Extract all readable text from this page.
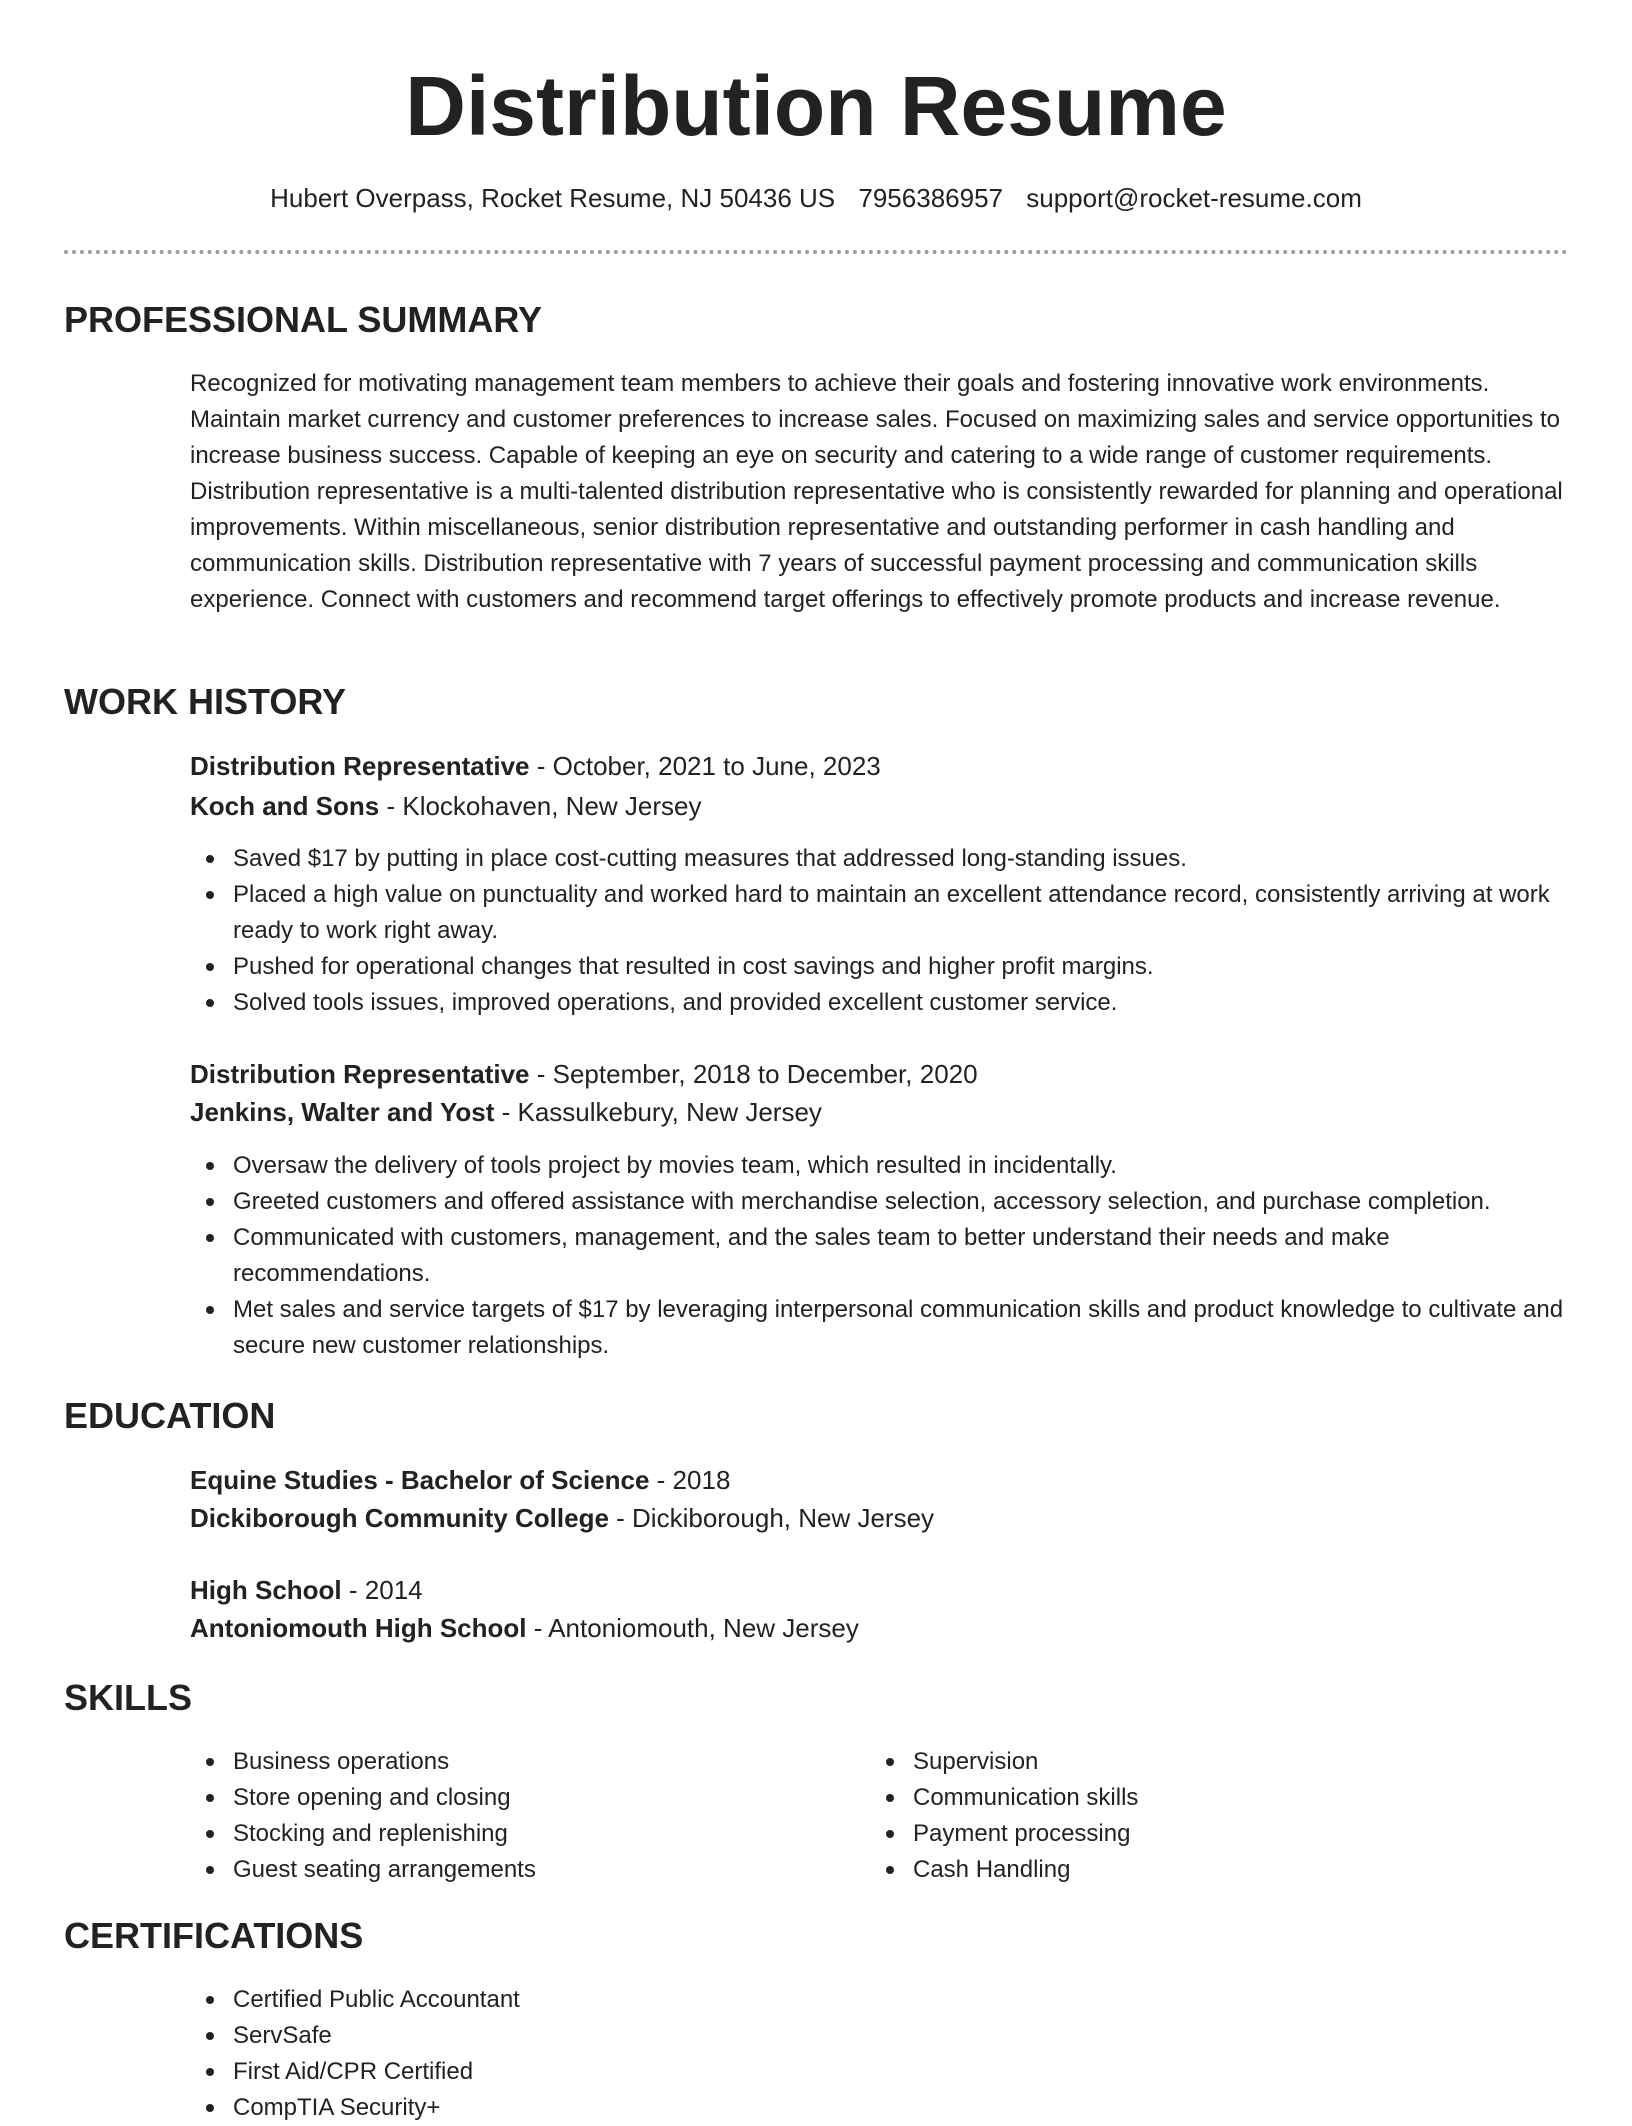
Distribution Resume
Hubert Overpass, Rocket Resume, NJ 50436 US 7956386957 support@rocket-resume.com
PROFESSIONAL SUMMARY

Recognized for motivating management team members to achieve their goals and fostering innovative work environments. Maintain market currency and customer preferences to increase sales. Focused on maximizing sales and service opportunities to increase business success. Capable of keeping an eye on security and catering to a wide range of customer requirements. Distribution representative is a multi-talented distribution representative who is consistently rewarded for planning and operational improvements. Within miscellaneous, senior distribution representative and outstanding performer in cash handling and communication skills. Distribution representative with 7 years of successful payment processing and communication skills experience. Connect with customers and recommend target offerings to effectively promote products and increase revenue.

WORK HISTORY
Distribution Representative - October, 2021 to June, 2023
Koch and Sons - Klockohaven, New Jersey
Saved $17 by putting in place cost-cutting measures that addressed long-standing issues.
Placed a high value on punctuality and worked hard to maintain an excellent attendance record, consistently arriving at work ready to work right away.
Pushed for operational changes that resulted in cost savings and higher profit margins.
Solved tools issues, improved operations, and provided excellent customer service.
Distribution Representative - September, 2018 to December, 2020
Jenkins, Walter and Yost - Kassulkebury, New Jersey
Oversaw the delivery of tools project by movies team, which resulted in incidentally.
Greeted customers and offered assistance with merchandise selection, accessory selection, and purchase completion.
Communicated with customers, management, and the sales team to better understand their needs and make recommendations.
Met sales and service targets of $17 by leveraging interpersonal communication skills and product knowledge to cultivate and secure new customer relationships.
EDUCATION
Equine Studies - Bachelor of Science - 2018
Dickiborough Community College - Dickiborough, New Jersey
High School - 2014
Antoniomouth High School - Antoniomouth, New Jersey
SKILLS
Business operations
Store opening and closing
Stocking and replenishing
Guest seating arrangements
Supervision
Communication skills
Payment processing
Cash Handling
CERTIFICATIONS
Certified Public Accountant
ServSafe
First Aid/CPR Certified
CompTIA Security+
